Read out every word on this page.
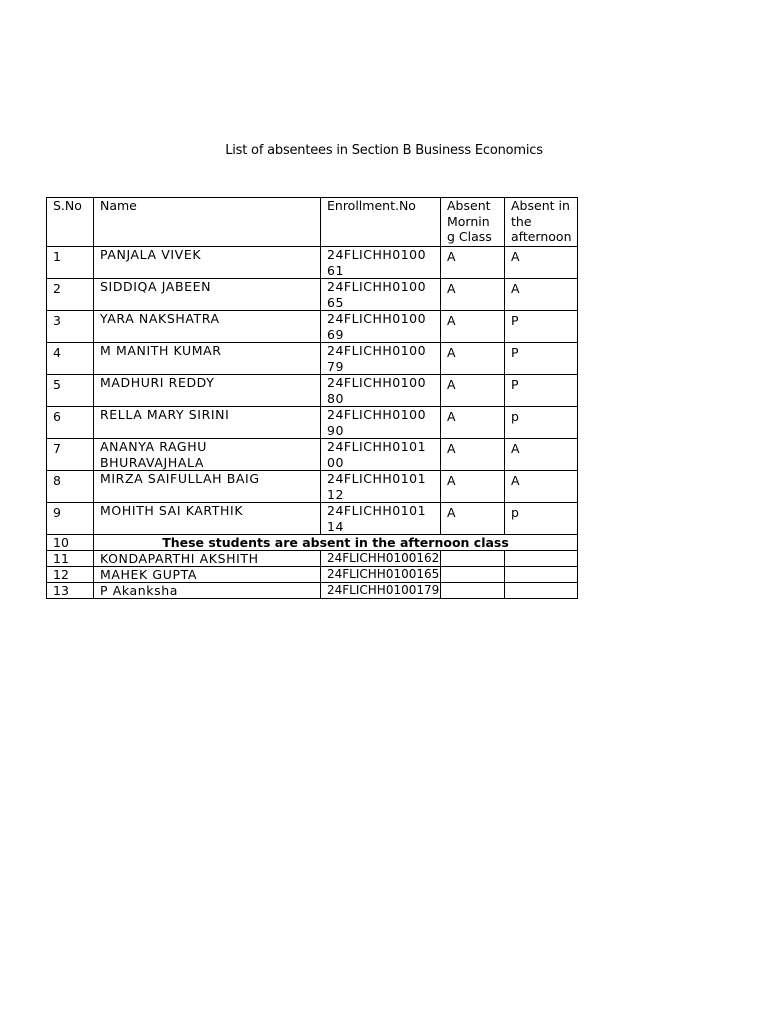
List of absentees in Section B Business Economics
S.No	Name	Enrollment.No	Absent Mornin g Class	Absent in the afternoon
1	PANJALA VIVEK	24FLICHH010061	A	A
2	SIDDIQA JABEEN	24FLICHH010065	A	A
3	YARA NAKSHATRA	24FLICHH010069	A	P
4	M MANITH KUMAR	24FLICHH010079	A	P
5	MADHURI REDDY	24FLICHH010080	A	P
6	RELLA MARY SIRINI	24FLICHH010090	A	p
7	ANANYA RAGHU BHURAVAJHALA	24FLICHH010100	A	A
8	MIRZA SAIFULLAH BAIG	24FLICHH010112	A	A
9	MOHITH SAI KARTHIK	24FLICHH010114	A	p
10	These students are absent in the afternoon class			
11	KONDAPARTHI AKSHITH	24FLICHH0100162		
12	MAHEK GUPTA	24FLICHH0100165		
13	P Akanksha	24FLICHH0100179		
